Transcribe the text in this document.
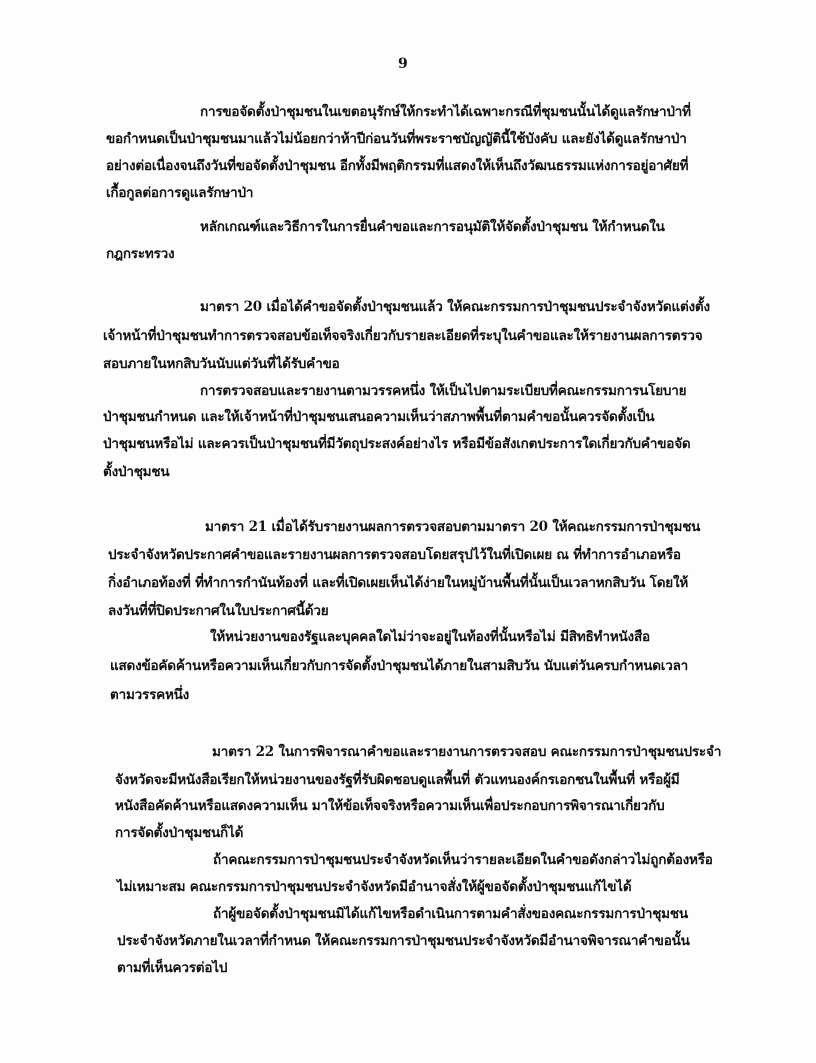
9
การขอจัดตั้งป่าชุมชนในเขตอนุรักษ์ให้กระทำได้เฉพาะกรณีที่ชุมชนนั้นได้ดูแลรักษาป่าที่
ขอกำหนดเป็นป่าชุมชนมาแล้วไม่น้อยกว่าห้าปีก่อนวันที่พระราชบัญญัตินี้ใช้บังคับ และยังได้ดูแลรักษาป่า
อย่างต่อเนื่องจนถึงวันที่ขอจัดตั้งป่าชุมชน อีกทั้งมีพฤติกรรมที่แสดงให้เห็นถึงวัฒนธรรมแห่งการอยู่อาศัยที่
เกื้อกูลต่อการดูแลรักษาป่า
หลักเกณฑ์และวิธีการในการยื่นคำขอและการอนุมัติให้จัดตั้งป่าชุมชน ให้กำหนดใน
กฎกระทรวง
มาตรา 20 เมื่อได้คำขอจัดตั้งป่าชุมชนแล้ว ให้คณะกรรมการป่าชุมชนประจำจังหวัดแต่งตั้ง
เจ้าหน้าที่ป่าชุมชนทำการตรวจสอบข้อเท็จจริงเกี่ยวกับรายละเอียดที่ระบุในคำขอและให้รายงานผลการตรวจ
สอบภายในหกสิบวันนับแต่วันที่ได้รับคำขอ
การตรวจสอบและรายงานตามวรรคหนึ่ง ให้เป็นไปตามระเบียบที่คณะกรรมการนโยบาย
ป่าชุมชนกำหนด และให้เจ้าหน้าที่ป่าชุมชนเสนอความเห็นว่าสภาพพื้นที่ตามคำขอนั้นควรจัดตั้งเป็น
ป่าชุมชนหรือไม่ และควรเป็นป่าชุมชนที่มีวัตถุประสงค์อย่างไร หรือมีข้อสังเกตประการใดเกี่ยวกับคำขอจัด
ตั้งป่าชุมชน
มาตรา 21 เมื่อได้รับรายงานผลการตรวจสอบตามมาตรา 20 ให้คณะกรรมการป่าชุมชน
ประจำจังหวัดประกาศคำขอและรายงานผลการตรวจสอบโดยสรุปไว้ในที่เปิดเผย ณ ที่ทำการอำเภอหรือ
กิ่งอำเภอท้องที่ ที่ทำการกำนันท้องที่ และที่เปิดเผยเห็นได้ง่ายในหมู่บ้านพื้นที่นั้นเป็นเวลาหกสิบวัน โดยให้
ลงวันที่ที่ปิดประกาศในใบประกาศนี้ด้วย
ให้หน่วยงานของรัฐและบุคคลใดไม่ว่าจะอยู่ในท้องที่นั้นหรือไม่ มีสิทธิทำหนังสือ
แสดงข้อคัดค้านหรือความเห็นเกี่ยวกับการจัดตั้งป่าชุมชนได้ภายในสามสิบวัน นับแต่วันครบกำหนดเวลา
ตามวรรคหนึ่ง
มาตรา 22 ในการพิจารณาคำขอและรายงานการตรวจสอบ คณะกรรมการป่าชุมชนประจำ
จังหวัดจะมีหนังสือเรียกให้หน่วยงานของรัฐที่รับผิดชอบดูแลพื้นที่ ตัวแทนองค์กรเอกชนในพื้นที่ หรือผู้มี
หนังสือคัดค้านหรือแสดงความเห็น มาให้ข้อเท็จจริงหรือความเห็นเพื่อประกอบการพิจารณาเกี่ยวกับ
การจัดตั้งป่าชุมชนก็ได้
ถ้าคณะกรรมการป่าชุมชนประจำจังหวัดเห็นว่ารายละเอียดในคำขอดังกล่าวไม่ถูกต้องหรือ
ไม่เหมาะสม คณะกรรมการป่าชุมชนประจำจังหวัดมีอำนาจสั่งให้ผู้ขอจัดตั้งป่าชุมชนแก้ไขได้
ถ้าผู้ขอจัดตั้งป่าชุมชนมิได้แก้ไขหรือดำเนินการตามคำสั่งของคณะกรรมการป่าชุมชน
ประจำจังหวัดภายในเวลาที่กำหนด ให้คณะกรรมการป่าชุมชนประจำจังหวัดมีอำนาจพิจารณาคำขอนั้น
ตามที่เห็นควรต่อไป
